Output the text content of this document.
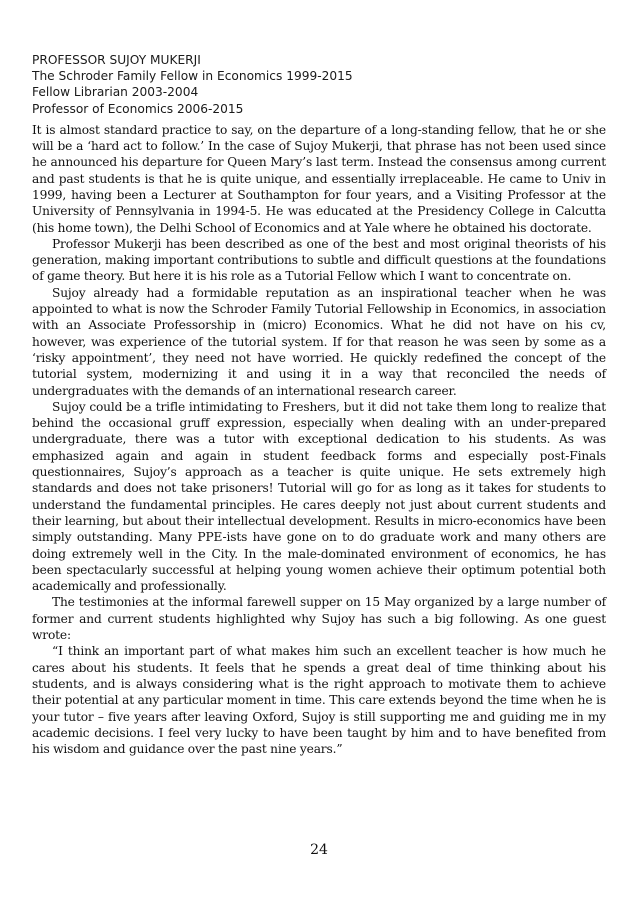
PROFESSOR SUJOY MUKERJI
The Schroder Family Fellow in Economics 1999-2015
Fellow Librarian 2003-2004
Professor of Economics 2006-2015

It is almost standard practice to say, on the departure of a long-standing fellow, that he or she will be a ‘hard act to follow.’ In the case of Sujoy Mukerji, that phrase has not been used since he announced his departure for Queen Mary’s last term. Instead the consensus among current and past students is that he is quite unique, and essentially irreplaceable. He came to Univ in 1999, having been a Lecturer at Southampton for four years, and a Visiting Professor at the University of Pennsylvania in 1994-5. He was educated at the Presidency College in Calcutta (his home town), the Delhi School of Economics and at Yale where he obtained his doctorate.

Professor Mukerji has been described as one of the best and most original theorists of his generation, making important contributions to subtle and difficult questions at the foundations of game theory. But here it is his role as a Tutorial Fellow which I want to concentrate on.

Sujoy already had a formidable reputation as an inspirational teacher when he was appointed to what is now the Schroder Family Tutorial Fellowship in Economics, in association with an Associate Professorship in (micro) Economics. What he did not have on his cv, however, was experience of the tutorial system. If for that reason he was seen by some as a ‘risky appointment’, they need not have worried. He quickly redefined the concept of the tutorial system, modernizing it and using it in a way that reconciled the needs of undergraduates with the demands of an international research career.

Sujoy could be a trifle intimidating to Freshers, but it did not take them long to realize that behind the occasional gruff expression, especially when dealing with an under-prepared undergraduate, there was a tutor with exceptional dedication to his students. As was emphasized again and again in student feedback forms and especially post-Finals questionnaires, Sujoy’s approach as a teacher is quite unique. He sets extremely high standards and does not take prisoners! Tutorial will go for as long as it takes for students to understand the fundamental principles. He cares deeply not just about current students and their learning, but about their intellectual development. Results in micro-economics have been simply outstanding. Many PPE-ists have gone on to do graduate work and many others are doing extremely well in the City. In the male-dominated environment of economics, he has been spectacularly successful at helping young women achieve their optimum potential both academically and professionally.

The testimonies at the informal farewell supper on 15 May organized by a large number of former and current students highlighted why Sujoy has such a big following. As one guest wrote:

“I think an important part of what makes him such an excellent teacher is how much he cares about his students. It feels that he spends a great deal of time thinking about his students, and is always considering what is the right approach to motivate them to achieve their potential at any particular moment in time. This care extends beyond the time when he is your tutor – five years after leaving Oxford, Sujoy is still supporting me and guiding me in my academic decisions. I feel very lucky to have been taught by him and to have benefited from his wisdom and guidance over the past nine years.”

24
